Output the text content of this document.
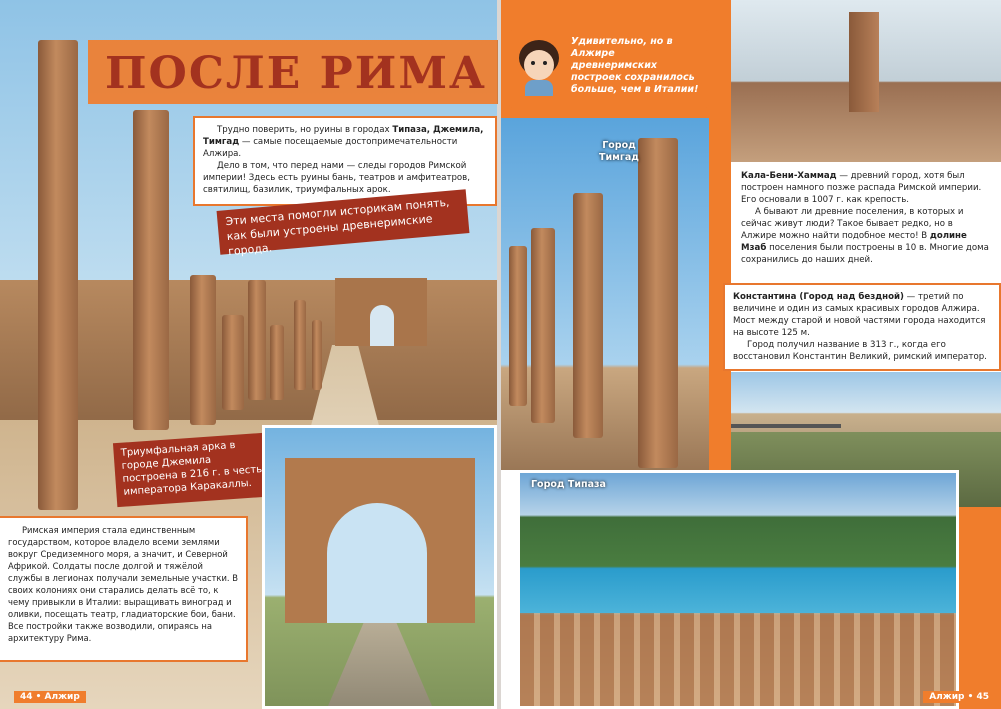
ПОСЛЕ РИМА

Трудно поверить, но руины в городах Типаза, Джемила, Тимгад — самые посещаемые достопримечательности Алжира.

Дело в том, что перед нами — следы городов Римской империи! Здесь есть руины бань, театров и амфитеатров, святилищ, базилик, триумфальных арок.

Эти места помогли историкам понять, как были устроены древнеримские города.
Триумфальная арка в городе Джемила построена в 216 г. в честь императора Каракаллы.

Римская империя стала единственным государством, которое владело всеми землями вокруг Средиземного моря, а значит, и Северной Африкой. Солдаты после долгой и тяжёлой службы в легионах получали земельные участки. В своих колониях они старались делать всё то, к чему привыкли в Италии: выращивать виноград и оливки, посещать театр, гладиаторские бои, бани. Все постройки также возводили, опираясь на архитектуру Рима.

44 • Алжир
Удивительно, но в Алжире древнеримских построек сохранилось больше, чем в Италии!
Город Тимгад

Кала-Бени-Хаммад — древний город, хотя был построен намного позже распада Римской империи. Его основали в 1007 г. как крепость.

А бывают ли древние поселения, в которых и сейчас живут люди? Такое бывает редко, но в Алжире можно найти подобное место! В долине Мзаб поселения были построены в 10 в. Многие дома сохранились до наших дней.

Константина (Город над бездной) — третий по величине и один из самых красивых городов Алжира. Мост между старой и новой частями города находится на высоте 125 м.

Город получил название в 313 г., когда его восстановил Константин Великий, римский император.

Город Типаза
Алжир • 45
